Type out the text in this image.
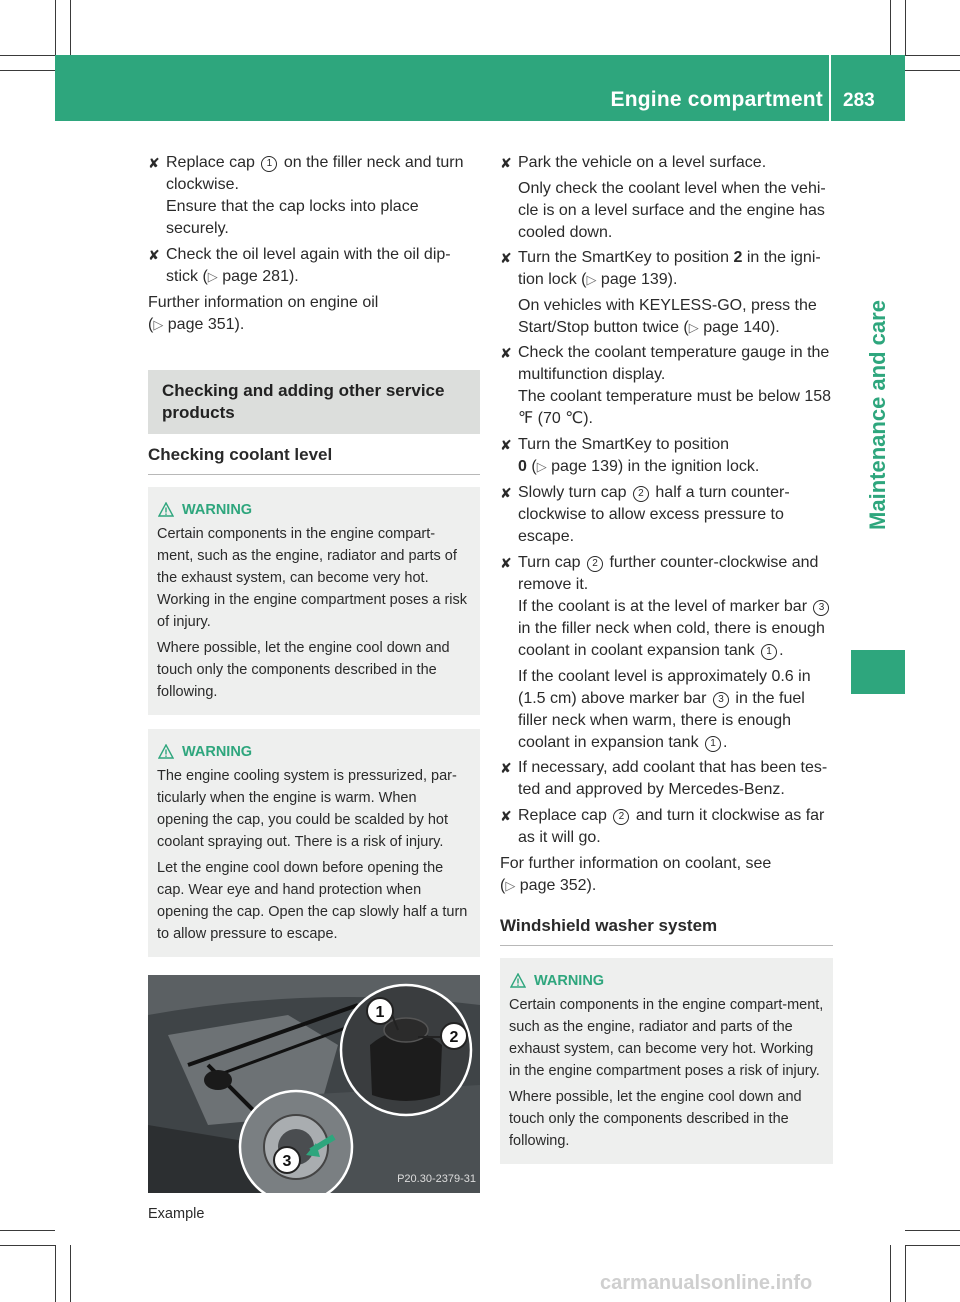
Engine compartment 283
Maintenance and care
✘ Replace cap 1 on the filler neck and turn clockwise.
Ensure that the cap locks into place securely.
✘ Check the oil level again with the oil dip-stick (▷ page 281).

Further information on engine oil
(▷ page 351).

Checking and adding other service products
Checking coolant level
WARNING

Certain components in the engine compart-ment, such as the engine, radiator and parts of the exhaust system, can become very hot. Working in the engine compartment poses a risk of injury.

Where possible, let the engine cool down and touch only the components described in the following.

WARNING

The engine cooling system is pressurized, par-ticularly when the engine is warm. When opening the cap, you could be scalded by hot coolant spraying out. There is a risk of injury.

Let the engine cool down before opening the cap. Wear eye and hand protection when opening the cap. Open the cap slowly half a turn to allow pressure to escape.

1
2
3
P20.30-2379-31
Example
✘ Park the vehicle on a level surface.

Only check the coolant level when the vehi-cle is on a level surface and the engine has cooled down.

✘ Turn the SmartKey to position 2 in the igni-tion lock (▷ page 139).

On vehicles with KEYLESS-GO, press the Start/Stop button twice (▷ page 140).

✘ Check the coolant temperature gauge in the multifunction display.
The coolant temperature must be below 158 ℉ (70 ℃).
✘ Turn the SmartKey to position
0 (▷ page 139) in the ignition lock.
✘ Slowly turn cap 2 half a turn counter-clockwise to allow excess pressure to escape.
✘ Turn cap 2 further counter-clockwise and remove it.
If the coolant is at the level of marker bar 3 in the filler neck when cold, there is enough coolant in coolant expansion tank 1 .

If the coolant level is approximately 0.6 in (1.5 cm) above marker bar 3 in the fuel filler neck when warm, there is enough coolant in expansion tank 1 .

✘ If necessary, add coolant that has been tes-ted and approved by Mercedes-Benz.
✘ Replace cap 2 and turn it clockwise as far as it will go.

For further information on coolant, see
(▷ page 352).

Windshield washer system
WARNING

Certain components in the engine compart-ment, such as the engine, radiator and parts of the exhaust system, can become very hot. Working in the engine compartment poses a risk of injury.

Where possible, let the engine cool down and touch only the components described in the following.

carmanualsonline.info
